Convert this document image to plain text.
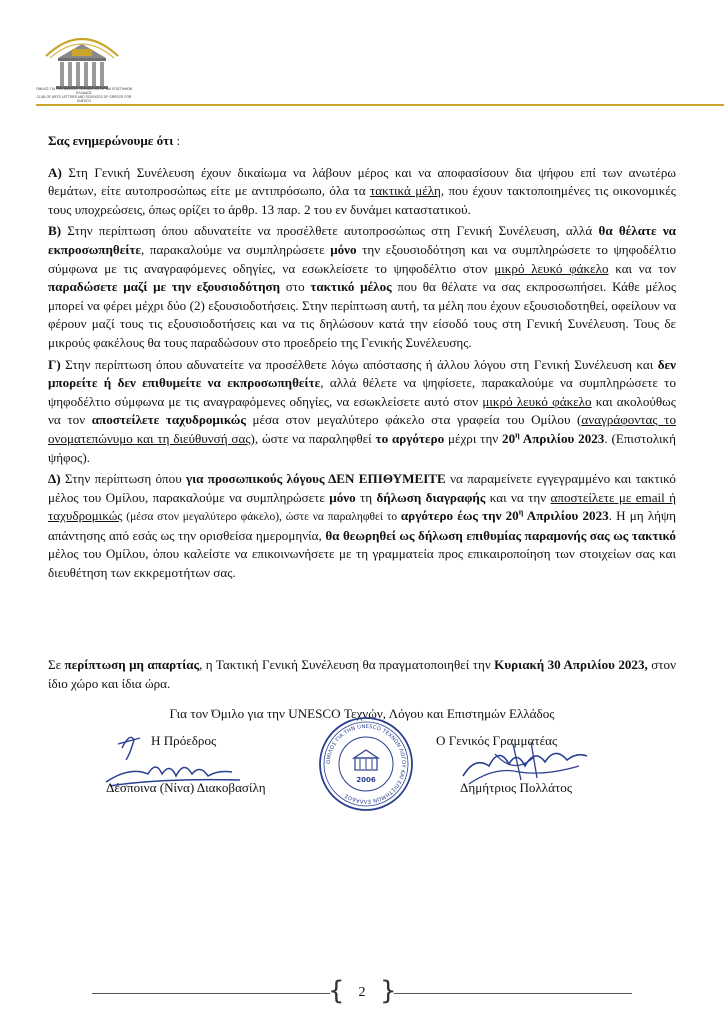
ΟΜΙΛΟΣ ΓΙΑ ΤΗΝ UNESCO ΤΕΧΝΩΝ ΛΟΓΟΥ ΚΑΙ ΕΠΙΣΤΗΜΩΝ ΕΛΛΑΔΟΣ
CLUB OF ARTS LETTERS AND SCIENCES OF GREECE FOR UNESCO

Σας ενημερώνουμε ότι :

Α) Στη Γενική Συνέλευση έχουν δικαίωμα να λάβουν μέρος και να αποφασίσουν δια ψήφου επί των ανωτέρω θεμάτων, είτε αυτοπροσώπως είτε με αντιπρόσωπο, όλα τα τακτικά μέλη, που έχουν τακτοποιημένες τις οικονομικές τους υποχρεώσεις, όπως ορίζει το άρθρ. 13 παρ. 2 του εν δυνάμει καταστατικού.

Β) Στην περίπτωση όπου αδυνατείτε να προσέλθετε αυτοπροσώπως στη Γενική Συνέλευση, αλλά θα θέλατε να εκπροσωπηθείτε, παρακαλούμε να συμπληρώσετε μόνο την εξουσιοδότηση και να συμπληρώσετε το ψηφοδέλτιο σύμφωνα με τις αναγραφόμενες οδηγίες, να εσωκλείσετε το ψηφοδέλτιο στον μικρό λευκό φάκελο και να τον παραδώσετε μαζί με την εξουσιοδότηση στο τακτικό μέλος που θα θέλατε να σας εκπροσωπήσει. Κάθε μέλος μπορεί να φέρει μέχρι δύο (2) εξουσιοδοτήσεις. Στην περίπτωση αυτή, τα μέλη που έχουν εξουσιοδοτηθεί, οφείλουν να φέρουν μαζί τους τις εξουσιοδοτήσεις και να τις δηλώσουν κατά την είσοδό τους στη Γενική Συνέλευση. Τους δε μικρούς φακέλους θα τους παραδώσουν στο προεδρείο της Γενικής Συνέλευσης.

Γ) Στην περίπτωση όπου αδυνατείτε να προσέλθετε λόγω απόστασης ή άλλου λόγου στη Γενική Συνέλευση και δεν μπορείτε ή δεν επιθυμείτε να εκπροσωπηθείτε, αλλά θέλετε να ψηφίσετε, παρακαλούμε να συμπληρώσετε το ψηφοδέλτιο σύμφωνα με τις αναγραφόμενες οδηγίες, να εσωκλείσετε αυτό στον μικρό λευκό φάκελο και ακολούθως να τον αποστείλετε ταχυδρομικώς μέσα στον μεγαλύτερο φάκελο στα γραφεία του Ομίλου (αναγράφοντας το ονοματεπώνυμο και τη διεύθυνσή σας), ώστε να παραληφθεί το αργότερο μέχρι την $20^\eta$ Απριλίου 2023. (Επιστολική ψήφος).

Δ) Στην περίπτωση όπου για προσωπικούς λόγους ΔΕΝ ΕΠΙΘΥΜΕΙΤΕ να παραμείνετε εγγεγραμμένο και τακτικό μέλος του Ομίλου, παρακαλούμε να συμπληρώσετε μόνο τη δήλωση διαγραφής και να την αποστείλετε με email ή ταχυδρομικώς (μέσα στον μεγαλύτερο φάκελο), ώστε να παραληφθεί το αργότερο έως την $20^\eta$ Απριλίου 2023. Η μη λήψη απάντησης από εσάς ως την ορισθείσα ημερομηνία, θα θεωρηθεί ως δήλωση επιθυμίας παραμονής σας ως τακτικό μέλος του Ομίλου, όπου καλείστε να επικοινωνήσετε με τη γραμματεία προς επικαιροποίηση των στοιχείων σας και διευθέτηση των εκκρεμοτήτων σας.

Σε περίπτωση μη απαρτίας, η Τακτική Γενική Συνέλευση θα πραγματοποιηθεί την Κυριακή 30 Απριλίου 2023, στον ίδιο χώρο και ίδια ώρα.

Για τον Όμιλο για την UNESCO Τεχνών, Λόγου και Επιστημών Ελλάδος
Η Πρόεδρος
Δέσποινα (Νίνα) Διακοβασίλη
Ο Γενικός Γραμματέας
Δημήτριος Πολλάτος
ΟΜΙΛΟΣ ΓΙΑ ΤΗΝ UNESCO ΤΕΧΝΩΝ ΛΟΓΟΥ ΚΑΙ ΕΠΙΣΤΗΜΩΝ ΕΛΛΑΔΟΣ
2006
{ }
2
